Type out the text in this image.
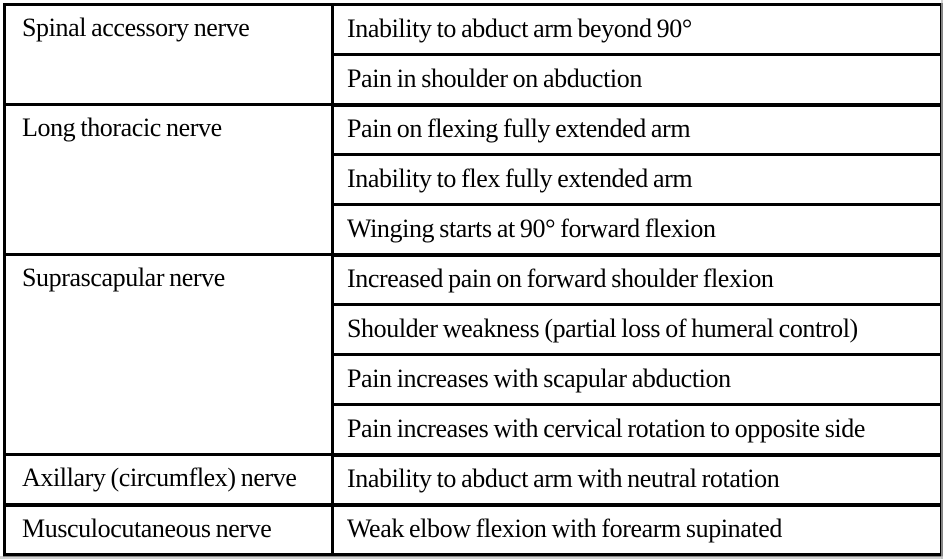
Spinal accessory nerve	Inability to abduct arm beyond 90°
	Pain in shoulder on abduction
Long thoracic nerve	Pain on flexing fully extended arm
	Inability to flex fully extended arm
	Winging starts at 90° forward flexion
Suprascapular nerve	Increased pain on forward shoulder flexion
	Shoulder weakness (partial loss of humeral control)
	Pain increases with scapular abduction
	Pain increases with cervical rotation to opposite side
Axillary (circumflex) nerve	Inability to abduct arm with neutral rotation
Musculocutaneous nerve	Weak elbow flexion with forearm supinated
